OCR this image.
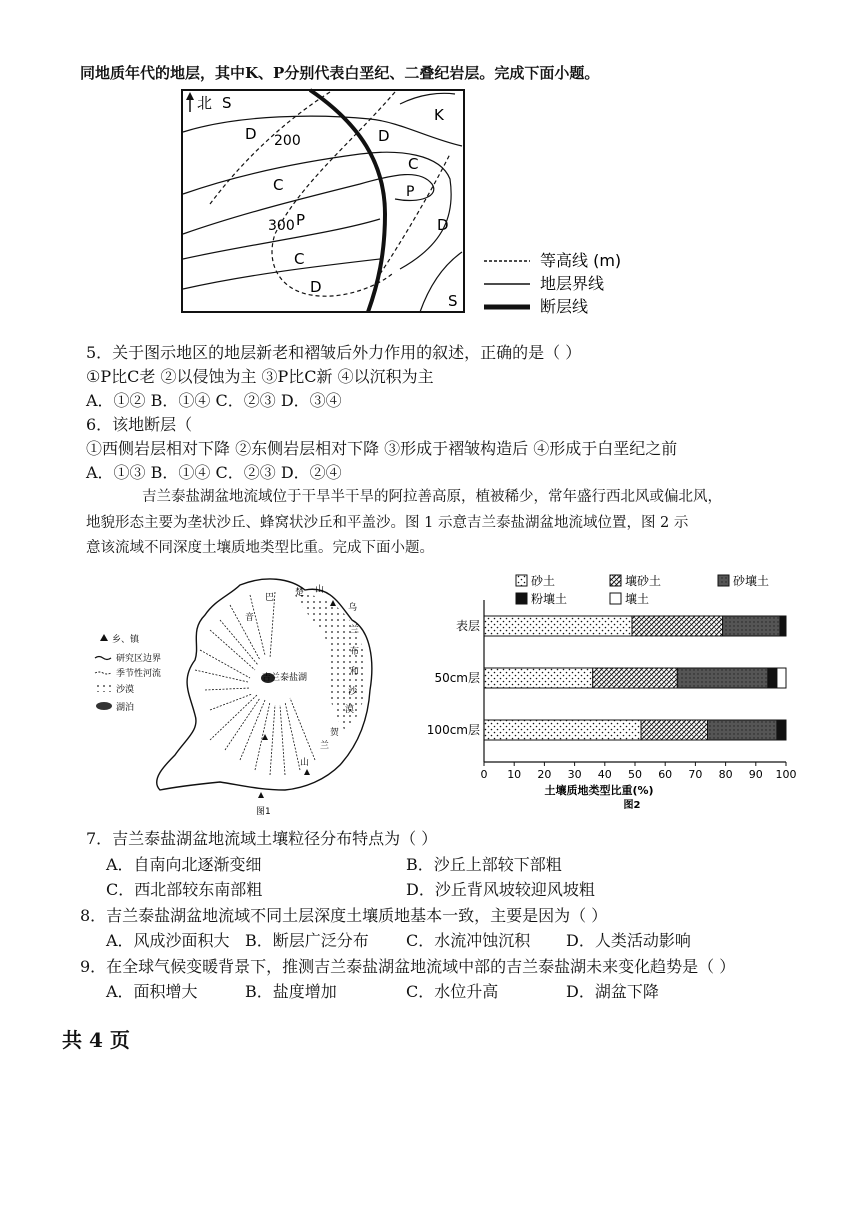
同地质年代的地层，其中K、P分别代表白垩纪、二叠纪岩层。完成下面小题。
北 S
K
D 200	D
C
C
P
P
300	D
C
D
S
等高线 (m)
地层界线
断层线
5．关于图示地区的地层新老和褶皱后外力作用的叙述，正确的是（ ）
①P比C老 ②以侵蚀为主 ③P比C新 ④以沉积为主
A．①② B．①④ C．②③ D．③④
6．该地断层（
①西侧岩层相对下降 ②东侧岩层相对下降 ③形成于褶皱构造后 ④形成于白垩纪之前
A．①③ B．①④ C．②③ D．②④
吉兰泰盐湖盆地流域位于干旱半干旱的阿拉善高原，植被稀少，常年盛行西北风或偏北风，
地貌形态主要为垄状沙丘、蜂窝状沙丘和平盖沙。图 1 示意吉兰泰盐湖盆地流域位置，图 2 示
意该流域不同深度土壤质地类型比重。完成下面小题。
乡、镇
研究区边界
季节性河流
沙漠
湖泊
吉兰泰盐湖
山
楚
巴
音
乌
兰
布
和
沙
漠
贺
兰
山
图1
砂土	壤砂土	砂壤土
粉壤土	壤土
表层
50cm层
100cm层
0 10 20 30 40 50 60 70 80 90 100
土壤质地类型比重(%)
图2
7．吉兰泰盐湖盆地流域土壤粒径分布特点为（ ）
A．自南向北逐渐变细	B．沙丘上部较下部粗
C．西北部较东南部粗	D．沙丘背风坡较迎风坡粗
8．吉兰泰盐湖盆地流域不同土层深度土壤质地基本一致，主要是因为（ ）
A．风成沙面积大 B．断层广泛分布 C．水流冲蚀沉积 D．人类活动影响
9．在全球气候变暖背景下，推测吉兰泰盐湖盆地流域中部的吉兰泰盐湖未来变化趋势是（ ）
A．面积增大	B．盐度增加	C．水位升高	D．湖盆下降
共 4 页
